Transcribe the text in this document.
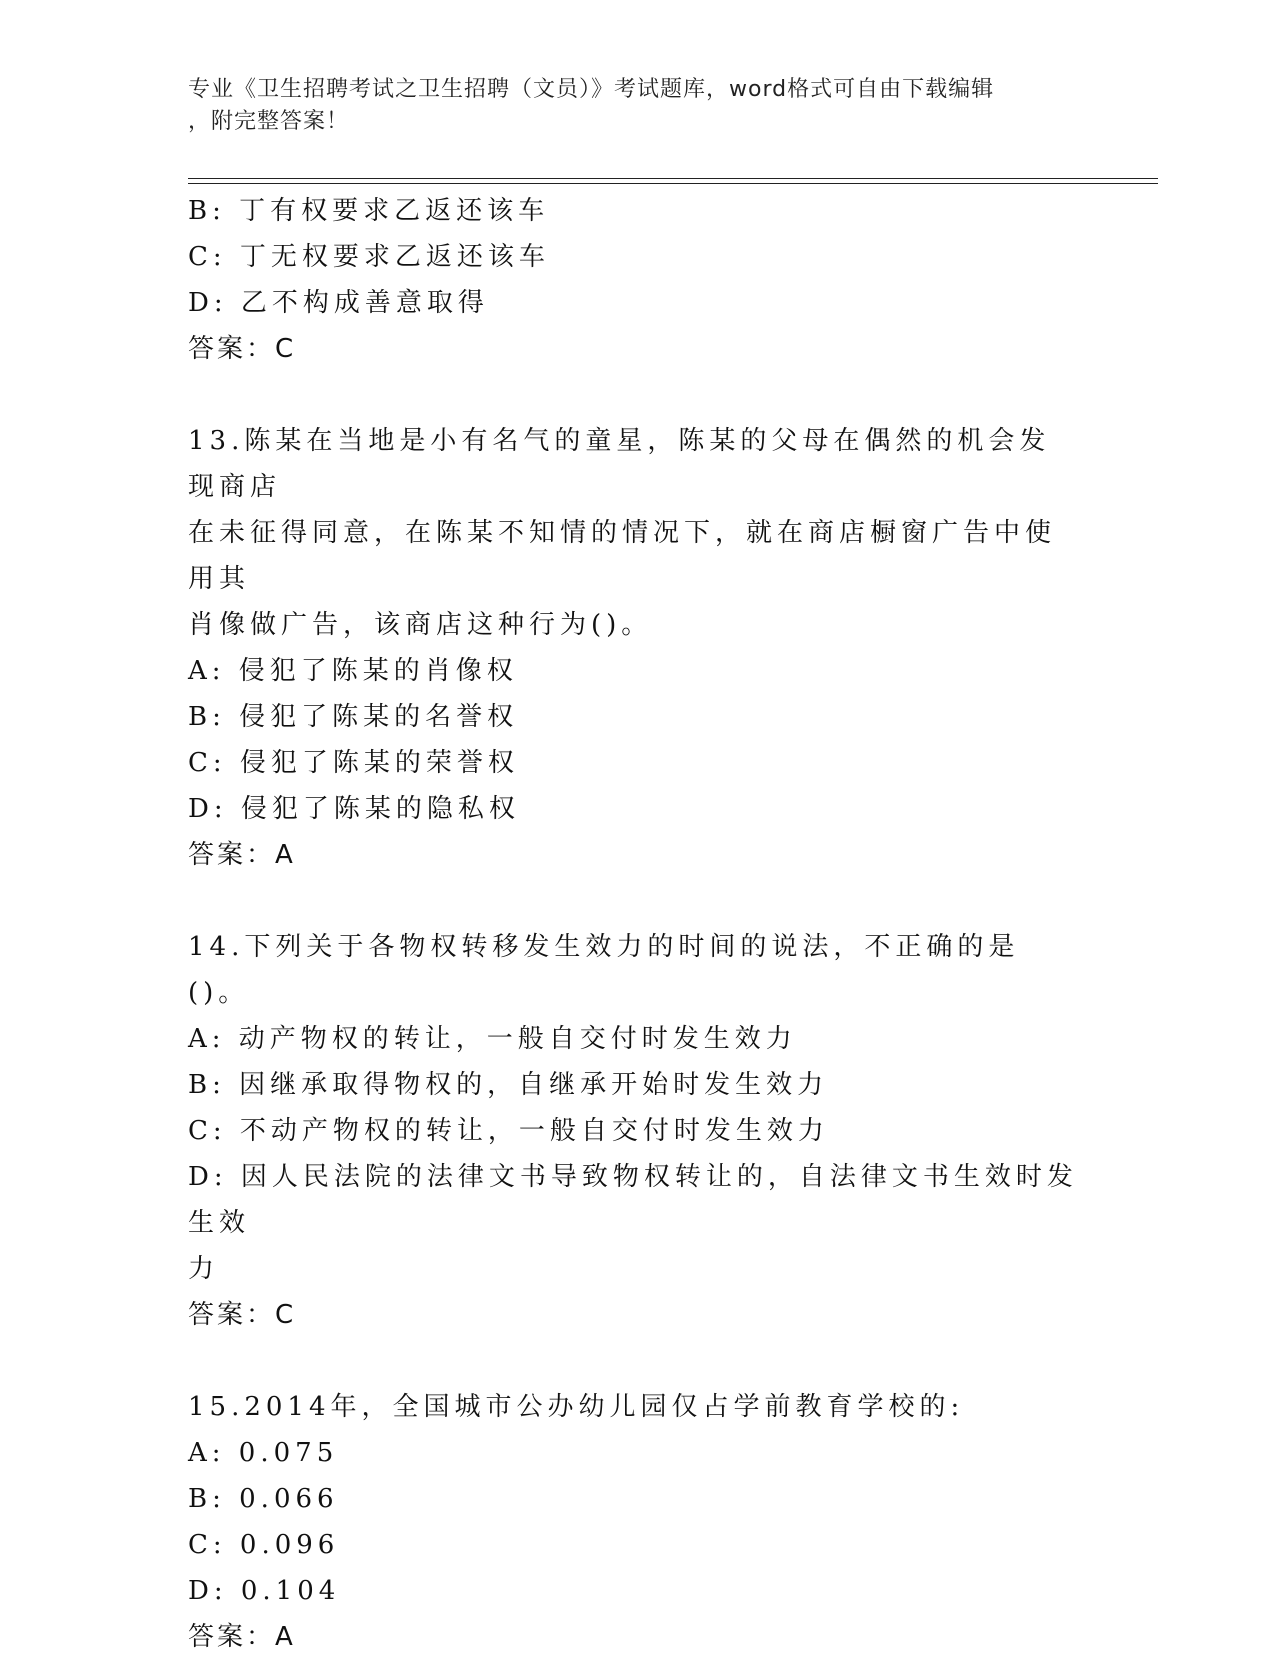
专业《卫生招聘考试之卫生招聘（文员）》考试题库，word格式可自由下载编辑
，附完整答案！
B: 丁有权要求乙返还该车
C: 丁无权要求乙返还该车
D: 乙不构成善意取得
答案：C
13.陈某在当地是小有名气的童星，陈某的父母在偶然的机会发现商店
在未征得同意，在陈某不知情的情况下，就在商店橱窗广告中使用其
肖像做广告，该商店这种行为()。
A: 侵犯了陈某的肖像权
B: 侵犯了陈某的名誉权
C: 侵犯了陈某的荣誉权
D: 侵犯了陈某的隐私权
答案：A
14.下列关于各物权转移发生效力的时间的说法，不正确的是()。
A: 动产物权的转让，一般自交付时发生效力
B: 因继承取得物权的，自继承开始时发生效力
C: 不动产物权的转让，一般自交付时发生效力
D: 因人民法院的法律文书导致物权转让的，自法律文书生效时发生效
力
答案：C
15.2014年，全国城市公办幼儿园仅占学前教育学校的:
A: 0.075
B: 0.066
C: 0.096
D: 0.104
答案：A
